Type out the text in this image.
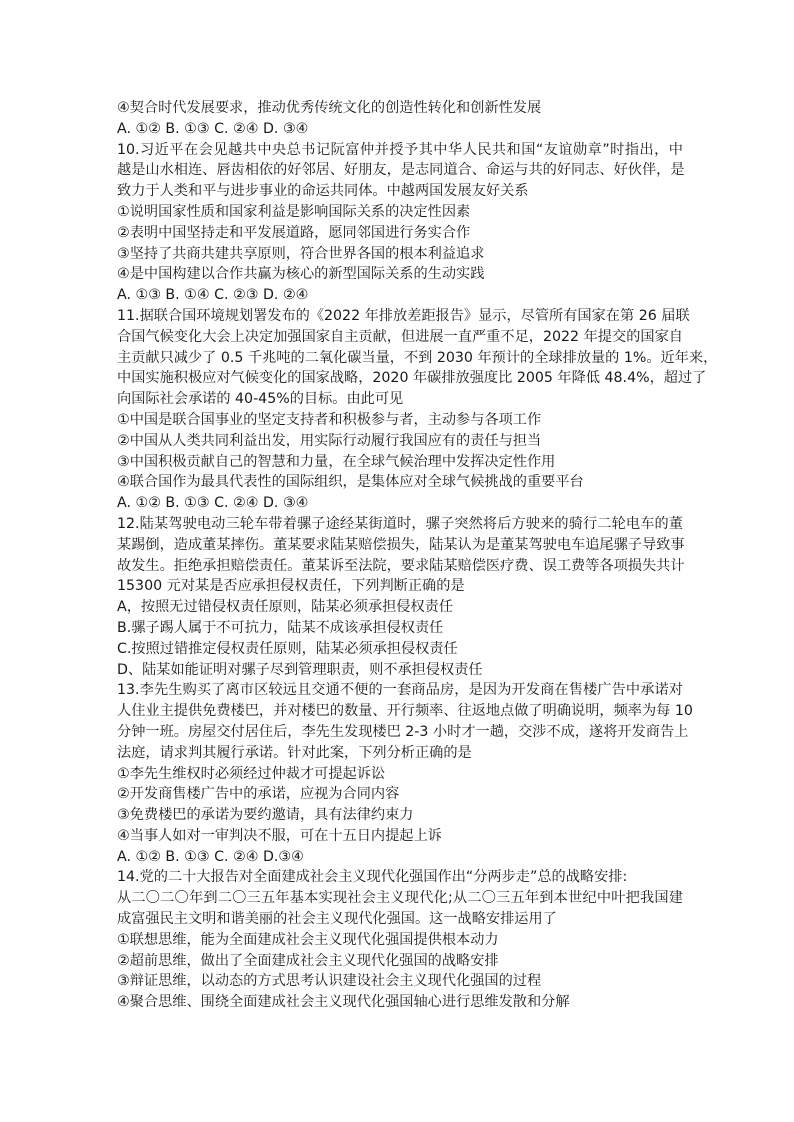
④契合时代发展要求，推动优秀传统文化的创造性转化和创新性发展
A. ①② B. ①③ C. ②④ D. ③④
10.习近平在会见越共中央总书记阮富仲并授予其中华人民共和国“友谊勋章”时指出，中
越是山水相连、唇齿相依的好邻居、好朋友，是志同道合、命运与共的好同志、好伙伴，是
致力于人类和平与进步事业的命运共同体。中越两国发展友好关系
①说明国家性质和国家利益是影响国际关系的决定性因素
②表明中国坚持走和平发展道路，愿同邻国进行务实合作
③坚持了共商共建共享原则，符合世界各国的根本利益追求
④是中国构建以合作共赢为核心的新型国际关系的生动实践
A. ①③ B. ①④ C. ②③ D. ②④
11.据联合国环境规划署发布的《2022 年排放差距报告》显示，尽管所有国家在第 26 届联
合国气候变化大会上决定加强国家自主贡献，但进展一直严重不足，2022 年提交的国家自
主贡献只减少了 0.5 千兆吨的二氧化碳当量，不到 2030 年预计的全球排放量的 1%。近年来，
中国实施积极应对气候变化的国家战略，2020 年碳排放强度比 2005 年降低 48.4%，超过了
向国际社会承诺的 40-45%的目标。由此可见
①中国是联合国事业的坚定支持者和积极参与者，主动参与各项工作
②中国从人类共同利益出发，用实际行动履行我国应有的责任与担当
③中国积极贡献自己的智慧和力量，在全球气候治理中发挥决定性作用
④联合国作为最具代表性的国际组织，是集体应对全球气候挑战的重要平台
A. ①② B. ①③ C. ②④ D. ③④
12.陆某驾驶电动三轮车带着骡子途经某街道时，骡子突然将后方驶来的骑行二轮电车的董
某踢倒，造成董某摔伤。董某要求陆某赔偿损失，陆某认为是董某驾驶电车追尾骡子导致事
故发生。拒绝承担赔偿责任。董某诉至法院，要求陆某赔偿医疗费、误工费等各项损失共计
15300 元对某是否应承担侵权责任，下列判断正确的是
A，按照无过错侵权责任原则，陆某必须承担侵权责任
B.骡子踢人属于不可抗力，陆某不成该承担侵权责任
C.按照过错推定侵权责任原则，陆某必须承担侵权责任
D、陆某如能证明对骡子尽到管理职责，则不承担侵权责任
13.李先生购买了离市区较远且交通不便的一套商品房，是因为开发商在售楼广告中承诺对
人住业主提供免费楼巴，并对楼巴的数量、开行频率、往返地点做了明确说明，频率为每 10
分钟一班。房屋交付居住后，李先生发现楼巴 2-3 小时才一趟，交涉不成，遂将开发商告上
法庭，请求判其履行承诺。针对此案，下列分析正确的是
①李先生维权时必须经过仲裁才可提起诉讼
②开发商售楼广告中的承诺，应视为合同内容
③免费楼巴的承诺为要约邀请，具有法律约束力
④当事人如对一审判决不服，可在十五日内提起上诉
A. ①② B. ①③ C. ②④ D.③④
14.党的二十大报告对全面建成社会主义现代化强国作出“分两步走”总的战略安排:
从二〇二〇年到二〇三五年基本实现社会主义现代化;从二〇三五年到本世纪中叶把我国建
成富强民主文明和谐美丽的社会主义现代化强国。这一战略安排运用了
①联想思维，能为全面建成社会主义现代化强国提供根本动力
②超前思维，做出了全面建成社会主义现代化强国的战略安排
③辩证思维，以动态的方式思考认识建设社会主义现代化强国的过程
④聚合思维、围绕全面建成社会主义现代化强国轴心进行思维发散和分解
